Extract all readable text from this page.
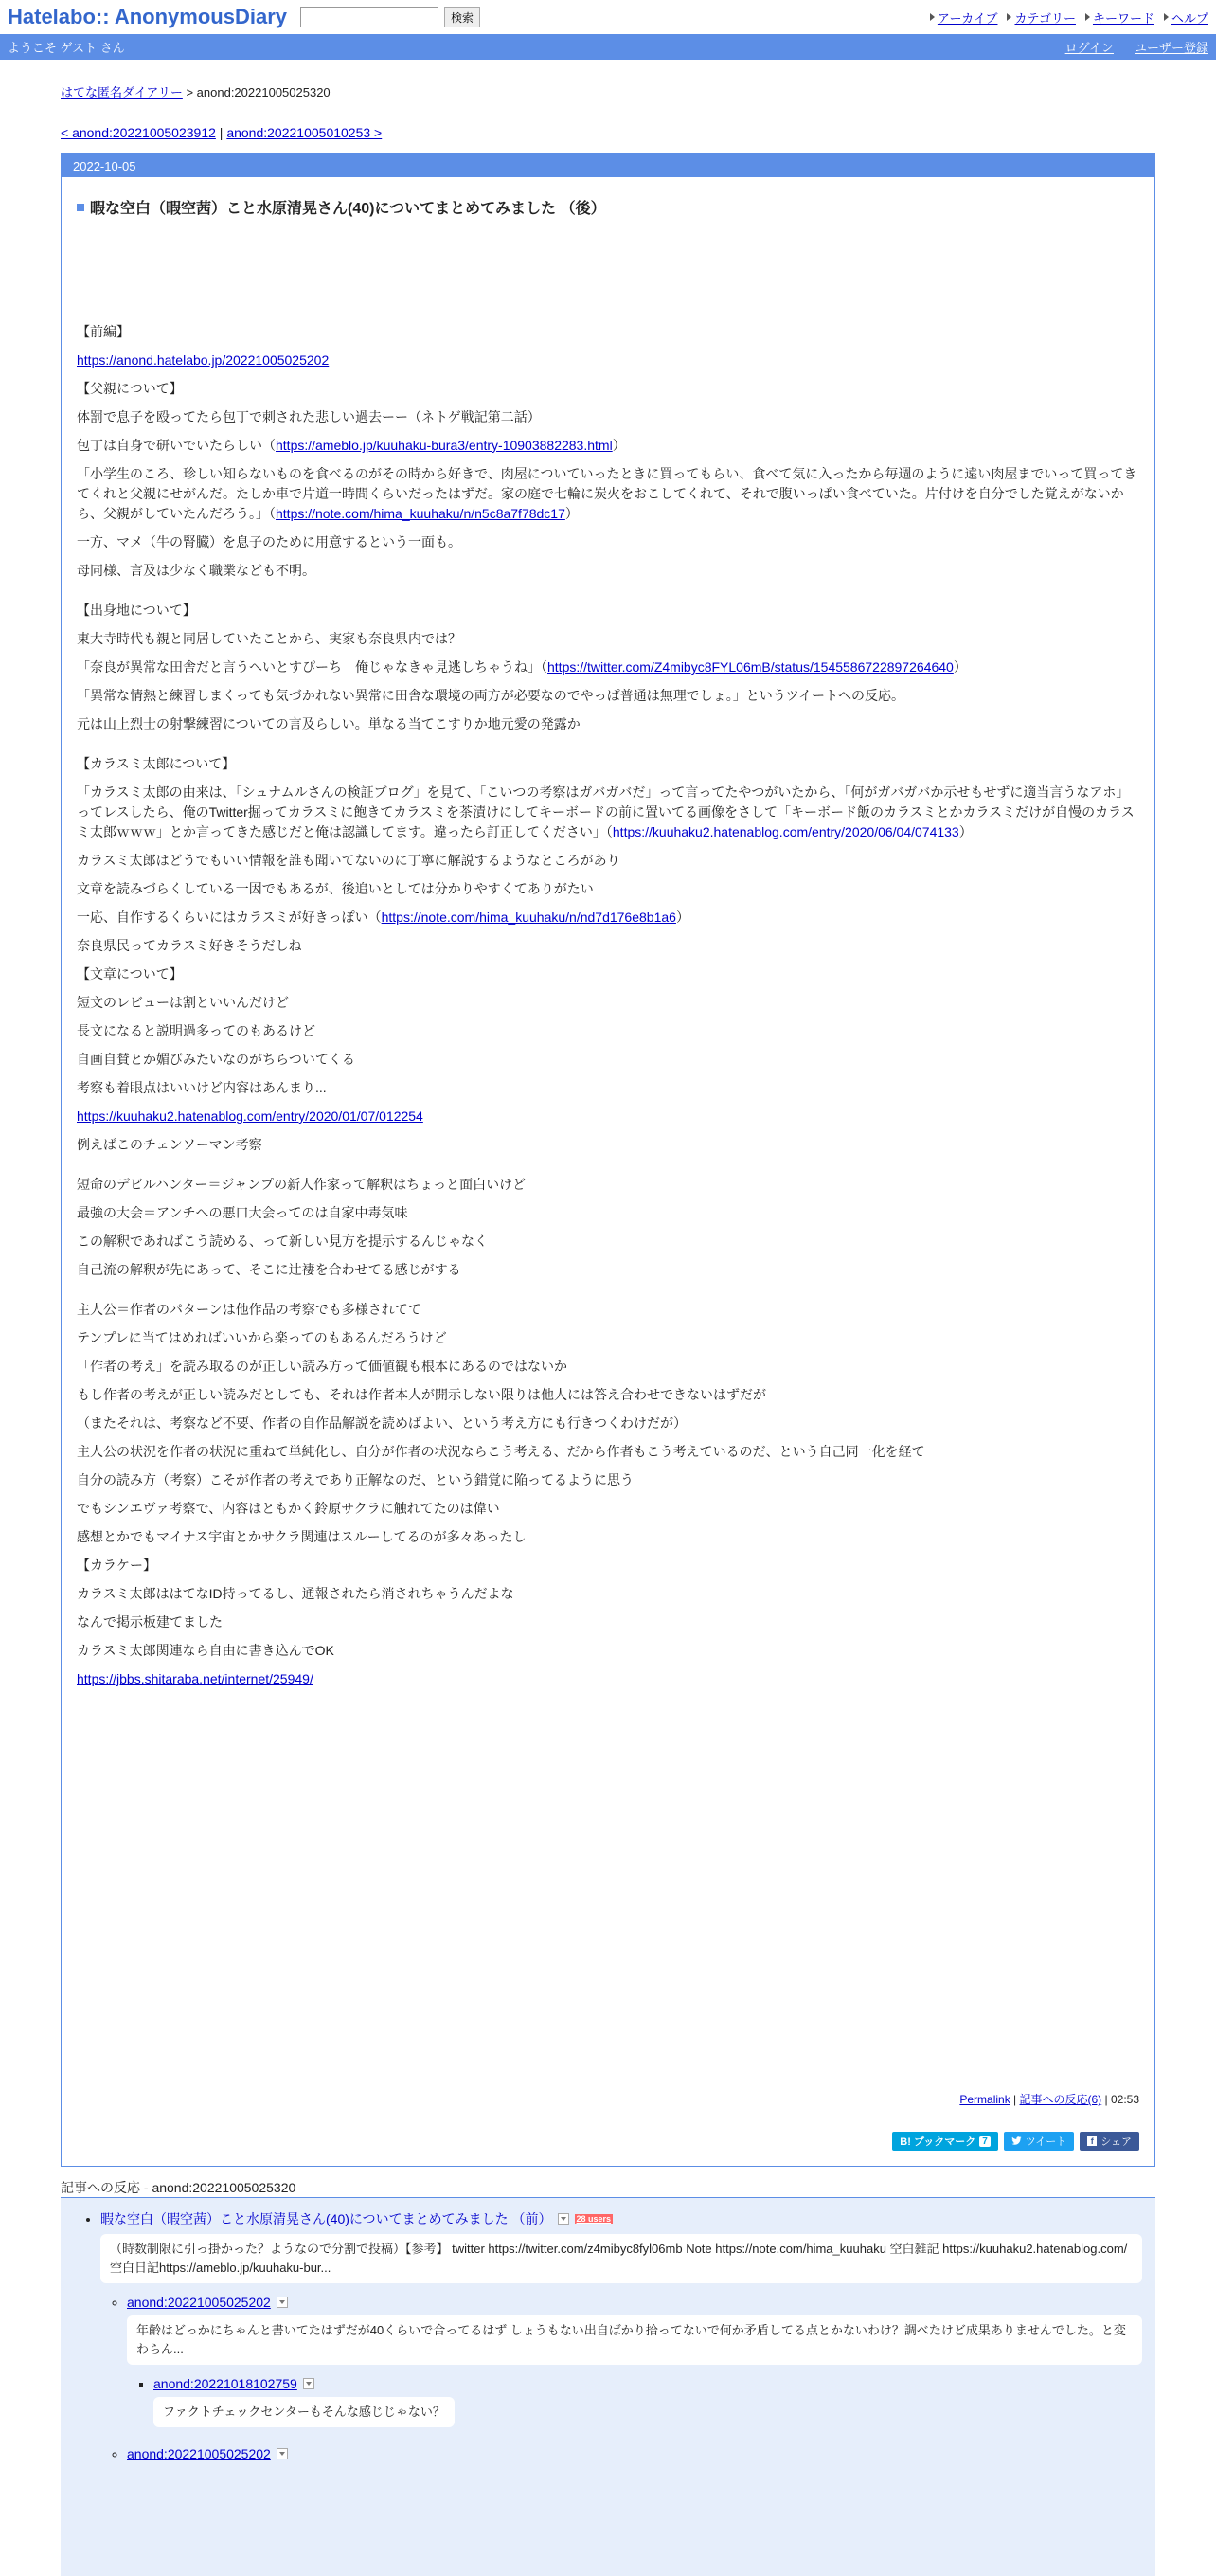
Hatelabo:: AnonymousDiary	検索	アーカイブ カテゴリー キーワード ヘルプ
ようこそ ゲスト さん	ログイン ユーザー登録
はてな匿名ダイアリー > anond:20221005025320
< anond:20221005023912 | anond:20221005010253 >
2022-10-05
暇な空白（暇空茜）こと水原清晃さん(40)についてまとめてみました （後）

【前編】

https://anond.hatelabo.jp/20221005025202

【父親について】

体罰で息子を殴ってたら包丁で刺された悲しい過去ーー（ネトゲ戦記第二話）

包丁は自身で研いでいたらしい（https://ameblo.jp/kuuhaku-bura3/entry-10903882283.html）

「小学生のころ、珍しい知らないものを食べるのがその時から好きで、肉屋についていったときに買ってもらい、食べて気に入ったから毎週のように遠い肉屋までいって買ってきてくれと父親にせがんだ。たしか車で片道一時間くらいだったはずだ。家の庭で七輪に炭火をおこしてくれて、それで腹いっぱい食べていた。片付けを自分でした覚えがないから、父親がしていたんだろう。」（https://note.com/hima_kuuhaku/n/n5c8a7f78dc17）

一方、マメ（牛の腎臓）を息子のために用意するという一面も。

母同様、言及は少なく職業なども不明。

【出身地について】

東大寺時代も親と同居していたことから、実家も奈良県内では？

「奈良が異常な田舎だと言うへいとすぴーち　俺じゃなきゃ見逃しちゃうね」（https://twitter.com/Z4mibyc8FYL06mB/status/1545586722897264640）

「異常な情熱と練習しまくっても気づかれない異常に田舎な環境の両方が必要なのでやっぱ普通は無理でしょ。」というツイートへの反応。

元は山上烈士の射撃練習についての言及らしい。単なる当てこすりか地元愛の発露か

【カラスミ太郎について】

「カラスミ太郎の由来は、「シュナムルさんの検証ブログ」を見て、「こいつの考察はガバガバだ」って言ってたやつがいたから、「何がガバガバか示せもせずに適当言うなアホ」ってレスしたら、俺のTwitter掘ってカラスミに飽きてカラスミを茶漬けにしてキーボードの前に置いてる画像をさして「キーボード飯のカラスミとかカラスミだけが自慢のカラスミ太郎ｗｗｗ」とか言ってきた感じだと俺は認識してます。違ったら訂正してください」（https://kuuhaku2.hatenablog.com/entry/2020/06/04/074133）

カラスミ太郎はどうでもいい情報を誰も聞いてないのに丁寧に解説するようなところがあり

文章を読みづらくしている一因でもあるが、後追いとしては分かりやすくてありがたい

一応、自作するくらいにはカラスミが好きっぽい（https://note.com/hima_kuuhaku/n/nd7d176e8b1a6）

奈良県民ってカラスミ好きそうだしね

【文章について】

短文のレビューは割といいんだけど

長文になると説明過多ってのもあるけど

自画自賛とか媚びみたいなのがちらついてくる

考察も着眼点はいいけど内容はあんまり...

https://kuuhaku2.hatenablog.com/entry/2020/01/07/012254

例えばこのチェンソーマン考察

短命のデビルハンター＝ジャンプの新人作家って解釈はちょっと面白いけど

最強の大会＝アンチへの悪口大会ってのは自家中毒気味

この解釈であればこう読める、って新しい見方を提示するんじゃなく

自己流の解釈が先にあって、そこに辻褄を合わせてる感じがする

主人公＝作者のパターンは他作品の考察でも多様されてて

テンプレに当てはめればいいから楽ってのもあるんだろうけど

「作者の考え」を読み取るのが正しい読み方って価値観も根本にあるのではないか

もし作者の考えが正しい読みだとしても、それは作者本人が開示しない限りは他人には答え合わせできないはずだが

（またそれは、考察など不要、作者の自作品解説を読めばよい、という考え方にも行きつくわけだが）

主人公の状況を作者の状況に重ねて単純化し、自分が作者の状況ならこう考える、だから作者もこう考えているのだ、という自己同一化を経て

自分の読み方（考察）こそが作者の考えであり正解なのだ、という錯覚に陥ってるように思う

でもシンエヴァ考察で、内容はともかく鈴原サクラに触れてたのは偉い

感想とかでもマイナス宇宙とかサクラ関連はスルーしてるのが多々あったし

【カラケー】

カラスミ太郎ははてなID持ってるし、通報されたら消されちゃうんだよな

なんで掲示板建てました

カラスミ太郎関連なら自由に書き込んでOK

https://jbbs.shitaraba.net/internet/25949/

Permalink | 記事への反応(6) | 02:53
B! ブックマーク 7	ツイート	f シェア
記事への反応 - anond:20221005025320
• 暇な空白（暇空茜）こと水原清晃さん(40)についてまとめてみました （前）	28 users
（時数制限に引っ掛かった？ようなので分割で投稿）【参考】 twitter https://twitter.com/z4mibyc8fyl06mb Note https://note.com/hima_kuuhaku 空白雑記 https://kuuhaku2.hatenablog.com/ 空白日記https://ameblo.jp/kuuhaku-bur...
◦ anond:20221005025202
年齢はどっかにちゃんと書いてたはずだが40くらいで合ってるはず しょうもない出自ばかり拾ってないで何か矛盾してる点とかないわけ？調べたけど成果ありませんでした。と変わらん...
▪ anond:20221018102759
ファクトチェックセンターもそんな感じじゃない？
◦ anond:20221005025202
